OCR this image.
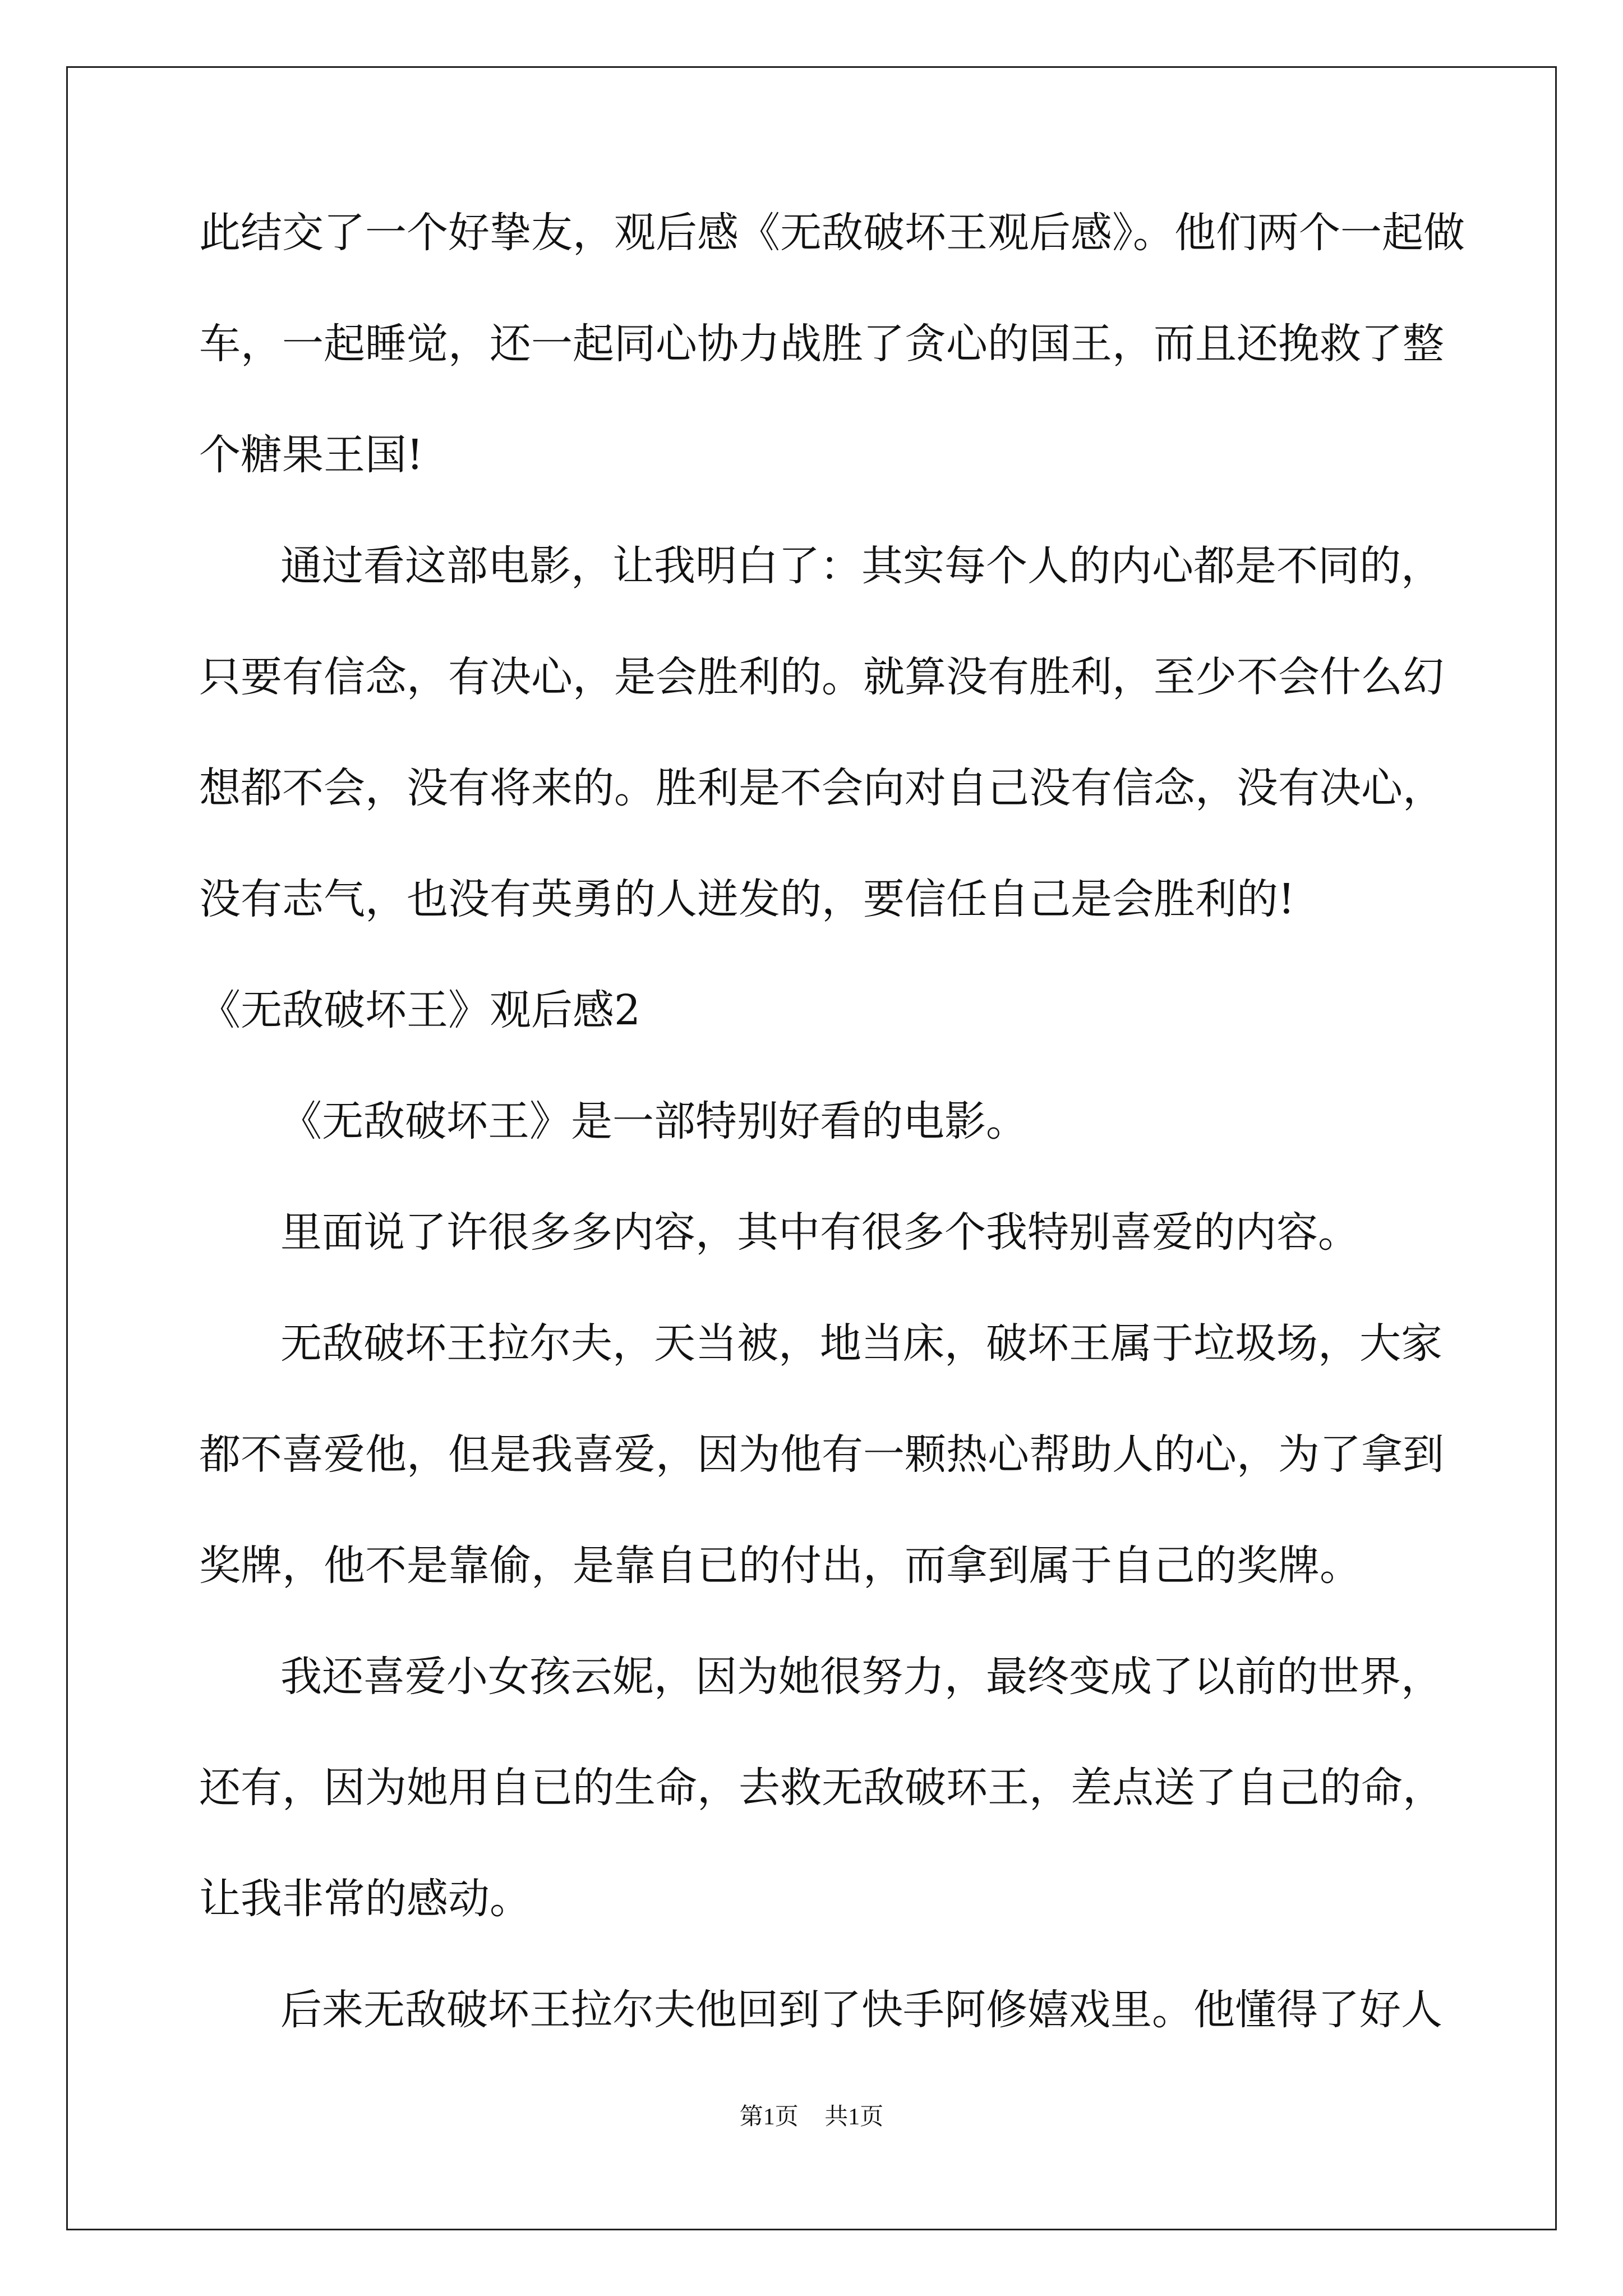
此结交了一个好挚友，观后感《无敌破坏王观后感》。他们两个一起做
车，一起睡觉，还一起同心协力战胜了贪心的国王，而且还挽救了整
个糖果王国!
通过看这部电影，让我明白了：其实每个人的内心都是不同的，
只要有信念，有决心，是会胜利的。就算没有胜利，至少不会什么幻
想都不会，没有将来的。胜利是不会向对自己没有信念，没有决心，
没有志气，也没有英勇的人迸发的，要信任自己是会胜利的!
《无敌破坏王》观后感2
《无敌破坏王》是一部特别好看的电影。
里面说了许很多多内容，其中有很多个我特别喜爱的内容。
无敌破坏王拉尔夫，天当被，地当床，破坏王属于垃圾场，大家
都不喜爱他，但是我喜爱，因为他有一颗热心帮助人的心，为了拿到
奖牌，他不是靠偷，是靠自已的付出，而拿到属于自己的奖牌。
我还喜爱小女孩云妮，因为她很努力，最终变成了以前的世界，
还有，因为她用自已的生命，去救无敌破环王，差点送了自己的命，
让我非常的感动。
后来无敌破坏王拉尔夫他回到了快手阿修嬉戏里。他懂得了好人
第1页 共1页
